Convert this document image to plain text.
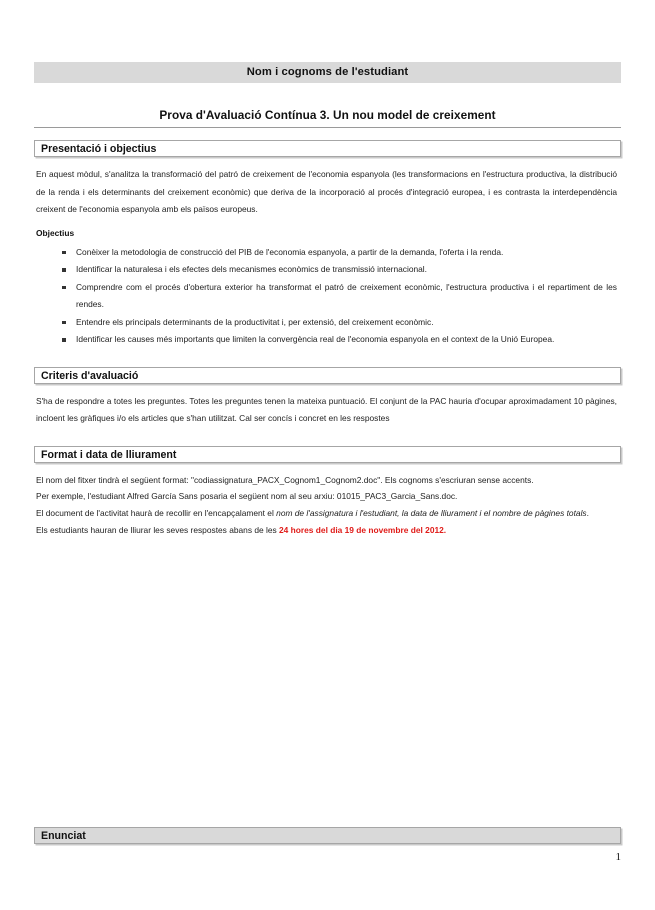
Nom i cognoms de l'estudiant
Prova d'Avaluació Contínua 3. Un nou model de creixement
Presentació i objectius

En aquest mòdul, s'analitza la transformació del patró de creixement de l'economia espanyola (les transformacions en l'estructura productiva, la distribució de la renda i els determinants del creixement econòmic) que deriva de la incorporació al procés d'integració europea, i es contrasta la interdependència creixent de l'economia espanyola amb els països europeus.

Objectius
Conèixer la metodologia de construcció del PIB de l'economia espanyola, a partir de la demanda, l'oferta i la renda.
Identificar la naturalesa i els efectes dels mecanismes econòmics de transmissió internacional.
Comprendre com el procés d'obertura exterior ha transformat el patró de creixement econòmic, l'estructura productiva i el repartiment de les rendes.
Entendre els principals determinants de la productivitat i, per extensió, del creixement econòmic.
Identificar les causes més importants que limiten la convergència real de l'economia espanyola en el context de la Unió Europea.
Criteris d'avaluació

S'ha de respondre a totes les preguntes. Totes les preguntes tenen la mateixa puntuació. El conjunt de la PAC hauria d'ocupar aproximadament 10 pàgines, incloent les gràfiques i/o els articles que s'han utilitzat. Cal ser concís i concret en les respostes

Format i data de lliurament

El nom del fitxer tindrà el següent format: "codiassignatura_PACX_Cognom1_Cognom2.doc". Els cognoms s'escriuran sense accents.

Per exemple, l'estudiant Alfred García Sans posaria el següent nom al seu arxiu: 01015_PAC3_Garcia_Sans.doc.

El document de l'activitat haurà de recollir en l'encapçalament el nom de l'assignatura i l'estudiant, la data de lliurament i el nombre de pàgines totals.

Els estudiants hauran de lliurar les seves respostes abans de les 24 hores del dia 19 de novembre del 2012.

Enunciat
1
